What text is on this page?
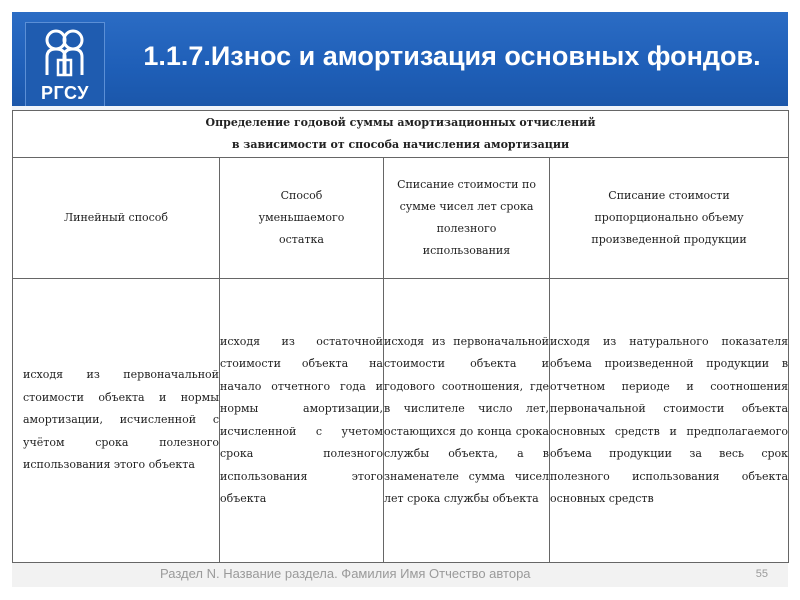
РГСУ
1.1.7.Износ и амортизация основных фондов.
Определение годовой суммы амортизационных отчислений
в зависимости от способа начисления амортизации			

Линейный способ	Способ уменьшаемого остатка	Списание стоимости по сумме чисел лет срока полезного использования	Списание стоимости пропорционально объему произведенной продукции

исходя из первоначальной стоимости объекта и нормы амортизации, исчисленной с учётом срока полезного использования этого объекта	исходя из остаточной стоимости объекта на начало отчетного года и нормы амортизации, исчисленной с учетом срока полезного использования этого объекта	исходя из первоначальной стоимости объекта и годового соотношения, где в числителе число лет, остающихся до конца срока службы объекта, а в знаменателе сумма чисел лет срока службы объекта	исходя из натурального показателя объема произведенной продукции в отчетном периоде и соотношения первоначальной стоимости объекта основных средств и предполагаемого объема продукции за весь срок полезного использования объекта основных средств
Раздел N. Название раздела. Фамилия Имя Отчество автора	55
